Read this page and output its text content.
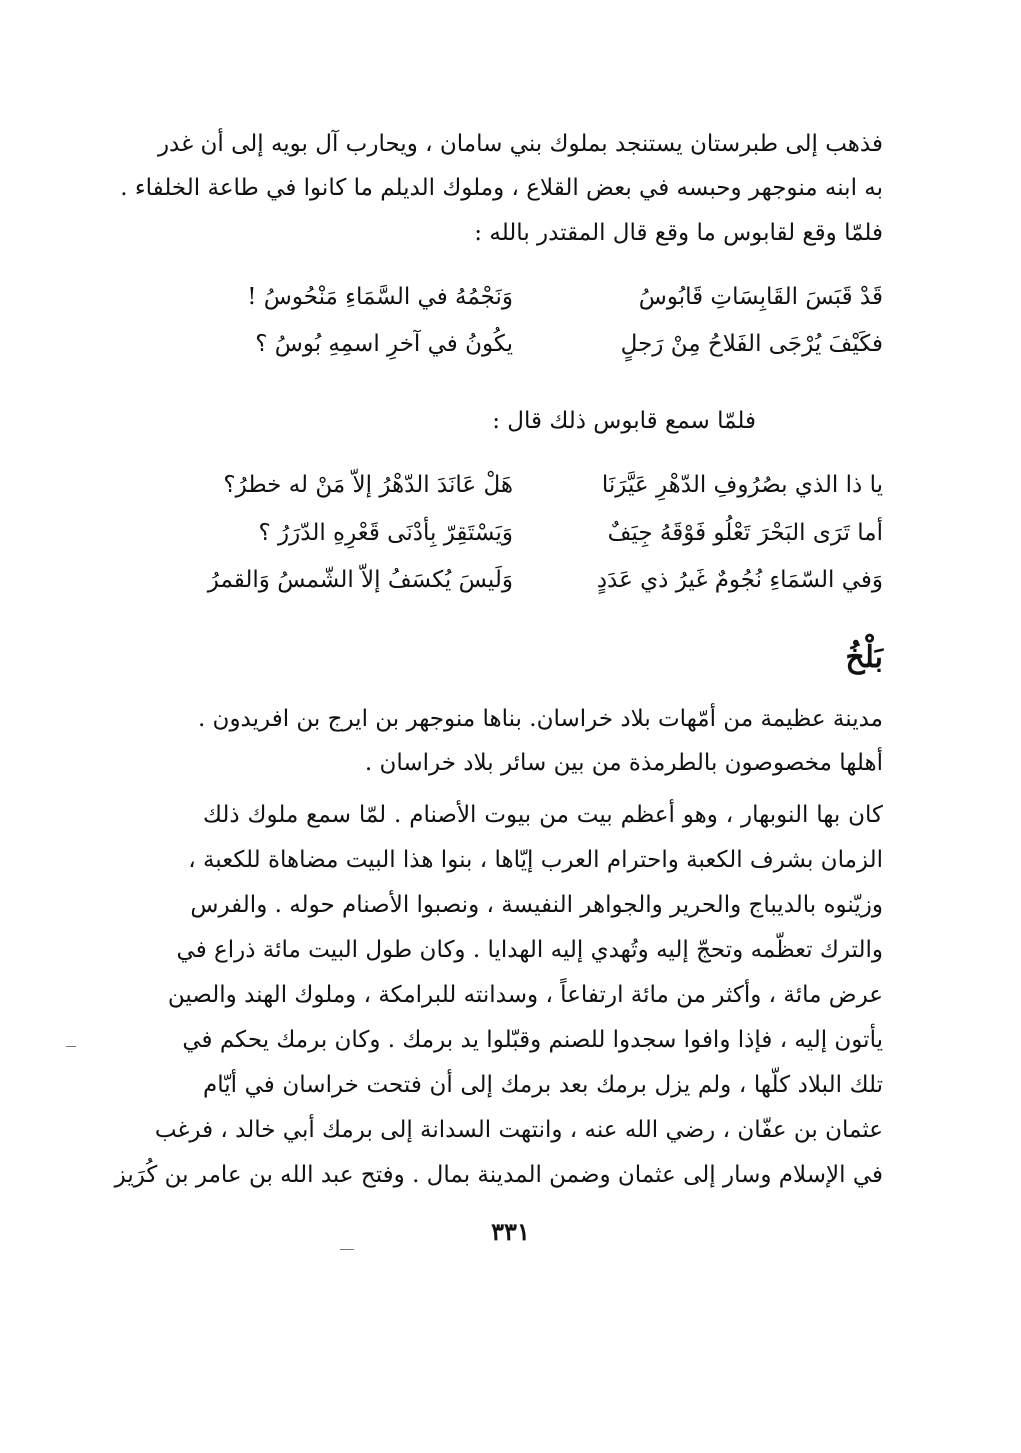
فذهب إلى طبرستان يستنجد بملوك بني سامان ، ويحارب آل بويه إلى أن غدر
به ابنه منوجهر وحبسه في بعض القلاع ، وملوك الديلم ما كانوا في طاعة الخلفاء .
فلمّا وقع لقابوس ما وقع قال المقتدر بالله :
قَدْ قَبَسَ القَابِسَاتِ قَابُوسُ
وَنَجْمُهُ في السَّمَاءِ مَنْحُوسُ !
فكَيْفَ يُرْجَى الفَلاحُ مِنْ رَجلٍ
يكُونُ في آخرِ اسمِهِ بُوسُ ؟
فلمّا سمع قابوس ذلك قال :
يا ذا الذي بصُرُوفِ الدّهْرِ عَيَّرَنَا
هَلْ عَانَدَ الدّهْرُ إلاّ مَنْ له خطرُ؟
أما تَرَى البَحْرَ تَعْلُو فَوْقَهُ جِيَفٌ
وَيَسْتَقِرّ بِأدْنَى قَعْرِهِ الدّرَرُ ؟
وَفي السّمَاءِ نُجُومٌ غَيرُ ذي عَدَدٍ
وَلَيسَ يُكسَفُ إلاّ الشّمسُ وَالقمرُ
بَلْخُ
مدينة عظيمة من أمّهات بلاد خراسان. بناها منوجهر بن ايرج بن افريدون .
أهلها مخصوصون بالطرمذة من بين سائر بلاد خراسان .
كان بها النوبهار ، وهو أعظم بيت من بيوت الأصنام . لمّا سمع ملوك ذلك
الزمان بشرف الكعبة واحترام العرب إيّاها ، بنوا هذا البيت مضاهاة للكعبة ،
وزيّنوه بالديباج والحرير والجواهر النفيسة ، ونصبوا الأصنام حوله . والفرس
والترك تعظّمه وتحجّ إليه وتُهدي إليه الهدايا . وكان طول البيت مائة ذراع في
عرض مائة ، وأكثر من مائة ارتفاعاً ، وسدانته للبرامكة ، وملوك الهند والصين
يأتون إليه ، فإذا وافوا سجدوا للصنم وقبّلوا يد برمك . وكان برمك يحكم في
تلك البلاد كلّها ، ولم يزل برمك بعد برمك إلى أن فتحت خراسان في أيّام
عثمان بن عفّان ، رضي الله عنه ، وانتهت السدانة إلى برمك أبي خالد ، فرغب
في الإسلام وسار إلى عثمان وضمن المدينة بمال . وفتح عبد الله بن عامر بن كُرَيز
٣٣١
